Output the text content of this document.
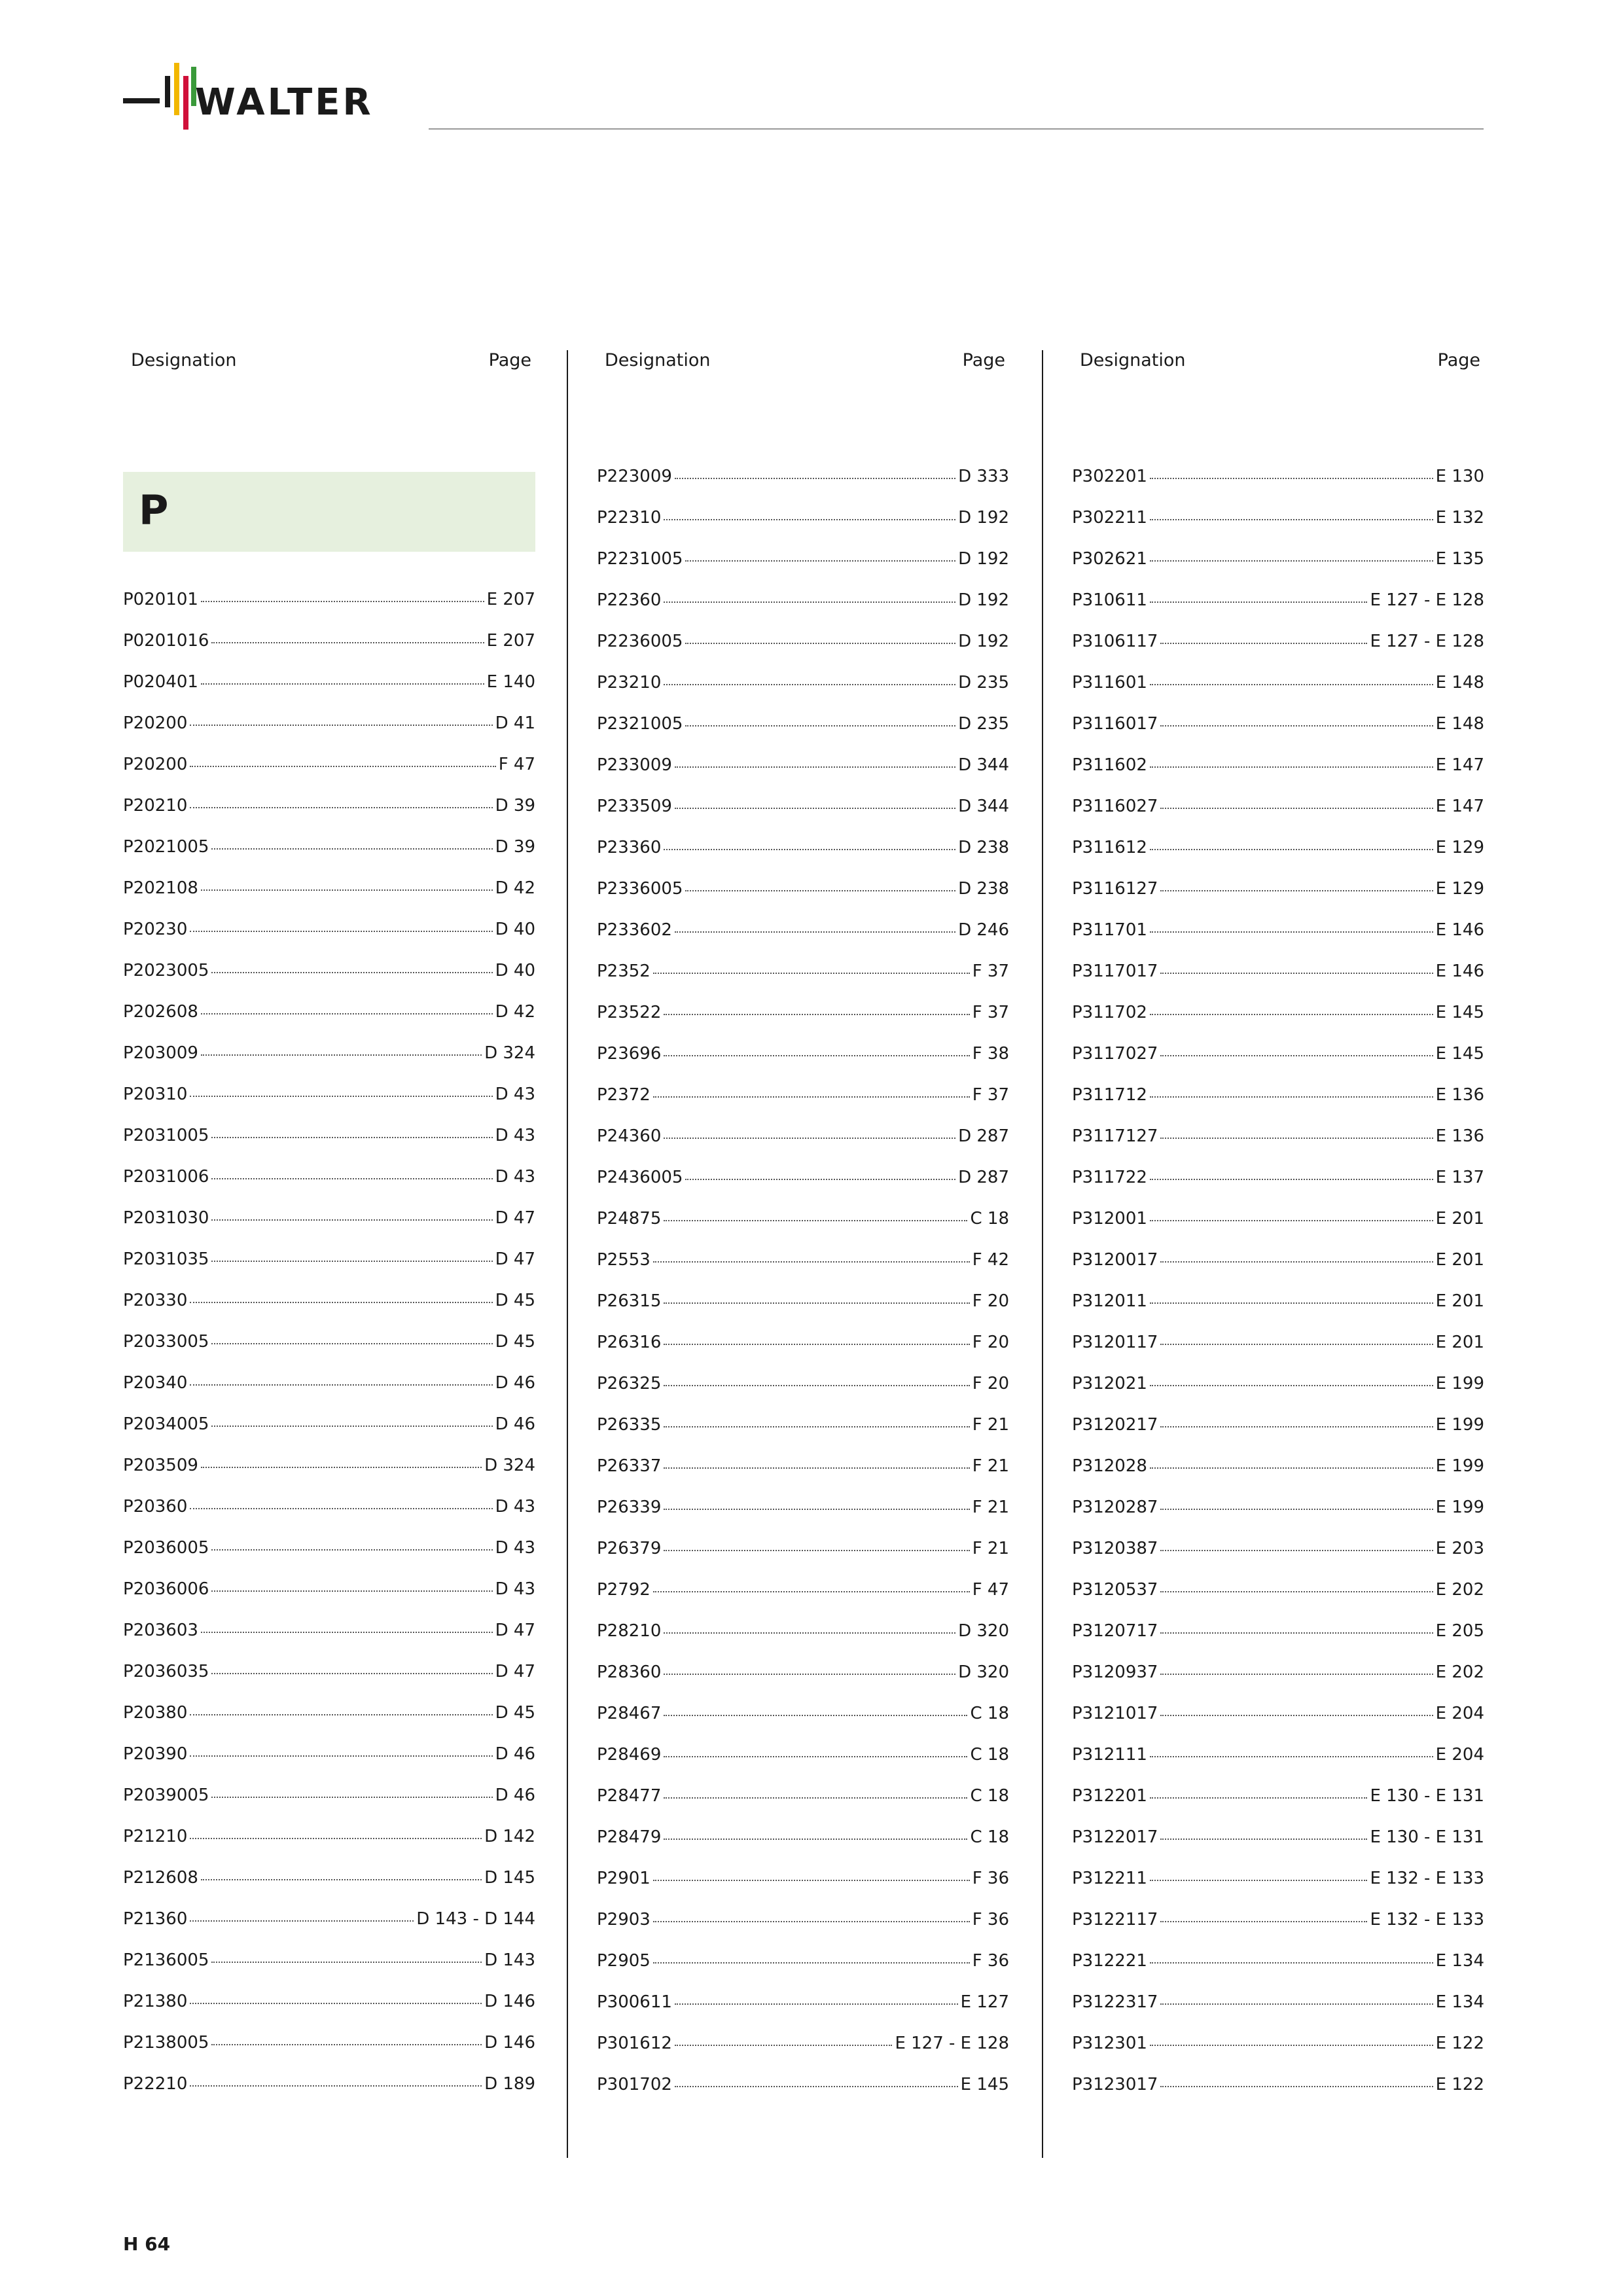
WALTER
Designation	Page
P
P020101	E 207
P0201016	E 207
P020401	E 140
P20200	D 41
P20200	F 47
P20210	D 39
P2021005	D 39
P202108	D 42
P20230	D 40
P2023005	D 40
P202608	D 42
P203009	D 324
P20310	D 43
P2031005	D 43
P2031006	D 43
P2031030	D 47
P2031035	D 47
P20330	D 45
P2033005	D 45
P20340	D 46
P2034005	D 46
P203509	D 324
P20360	D 43
P2036005	D 43
P2036006	D 43
P203603	D 47
P2036035	D 47
P20380	D 45
P20390	D 46
P2039005	D 46
P21210	D 142
P212608	D 145
P21360	D 143 - D 144
P2136005	D 143
P21380	D 146
P2138005	D 146
P22210	D 189
Designation	Page
P223009	D 333
P22310	D 192
P2231005	D 192
P22360	D 192
P2236005	D 192
P23210	D 235
P2321005	D 235
P233009	D 344
P233509	D 344
P23360	D 238
P2336005	D 238
P233602	D 246
P2352	F 37
P23522	F 37
P23696	F 38
P2372	F 37
P24360	D 287
P2436005	D 287
P24875	C 18
P2553	F 42
P26315	F 20
P26316	F 20
P26325	F 20
P26335	F 21
P26337	F 21
P26339	F 21
P26379	F 21
P2792	F 47
P28210	D 320
P28360	D 320
P28467	C 18
P28469	C 18
P28477	C 18
P28479	C 18
P2901	F 36
P2903	F 36
P2905	F 36
P300611	E 127
P301612	E 127 - E 128
P301702	E 145
Designation	Page
P302201	E 130
P302211	E 132
P302621	E 135
P310611	E 127 - E 128
P3106117	E 127 - E 128
P311601	E 148
P3116017	E 148
P311602	E 147
P3116027	E 147
P311612	E 129
P3116127	E 129
P311701	E 146
P3117017	E 146
P311702	E 145
P3117027	E 145
P311712	E 136
P3117127	E 136
P311722	E 137
P312001	E 201
P3120017	E 201
P312011	E 201
P3120117	E 201
P312021	E 199
P3120217	E 199
P312028	E 199
P3120287	E 199
P3120387	E 203
P3120537	E 202
P3120717	E 205
P3120937	E 202
P3121017	E 204
P312111	E 204
P312201	E 130 - E 131
P3122017	E 130 - E 131
P312211	E 132 - E 133
P3122117	E 132 - E 133
P312221	E 134
P3122317	E 134
P312301	E 122
P3123017	E 122
H 64
